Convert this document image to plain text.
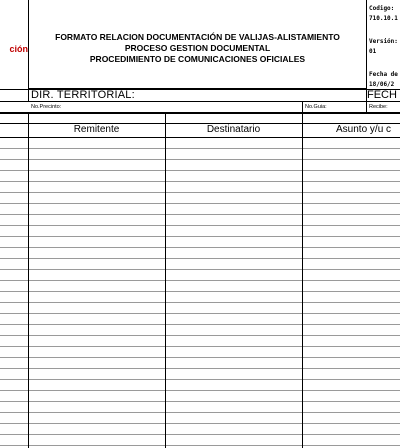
ción
FORMATO RELACION DOCUMENTACIÓN DE VALIJAS-ALISTAMIENTO
PROCESO GESTION DOCUMENTAL
PROCEDIMIENTO DE COMUNICACIONES OFICIALES
Codigo:
710.10.1
Versión:
01
Fecha de
18/06/2
DIR. TERRITORIAL:	FECH
No.Precinto:	No.Guia:	Recibe:
Remitente	Destinatario	Asunto y/u c
